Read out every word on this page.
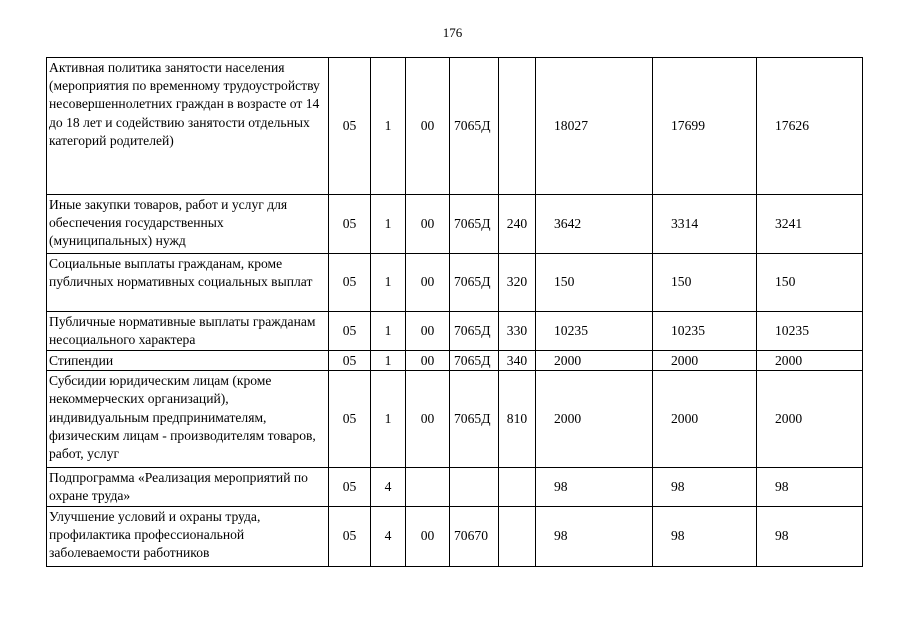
176
Активная политика занятости населения (мероприятия по временному трудоустройству несовершеннолетних граждан в возрасте от 14 до 18 лет и содействию занятости отдельных категорий родителей)	05	1	00	7065Д		18027	17699	17626
Иные закупки товаров, работ и услуг для обеспечения государственных (муниципальных) нужд	05	1	00	7065Д	240	3642	3314	3241
Социальные выплаты гражданам, кроме публичных нормативных социальных выплат	05	1	00	7065Д	320	150	150	150
Публичные нормативные выплаты гражданам несоциального характера	05	1	00	7065Д	330	10235	10235	10235
Стипендии	05	1	00	7065Д	340	2000	2000	2000
Субсидии юридическим лицам (кроме некоммерческих организаций), индивидуальным предпринимателям, физическим лицам - производителям товаров, работ, услуг	05	1	00	7065Д	810	2000	2000	2000
Подпрограмма «Реализация мероприятий по охране труда»	05	4				98	98	98
Улучшение условий и охраны труда, профилактика профессиональной заболеваемости работников	05	4	00	70670		98	98	98
